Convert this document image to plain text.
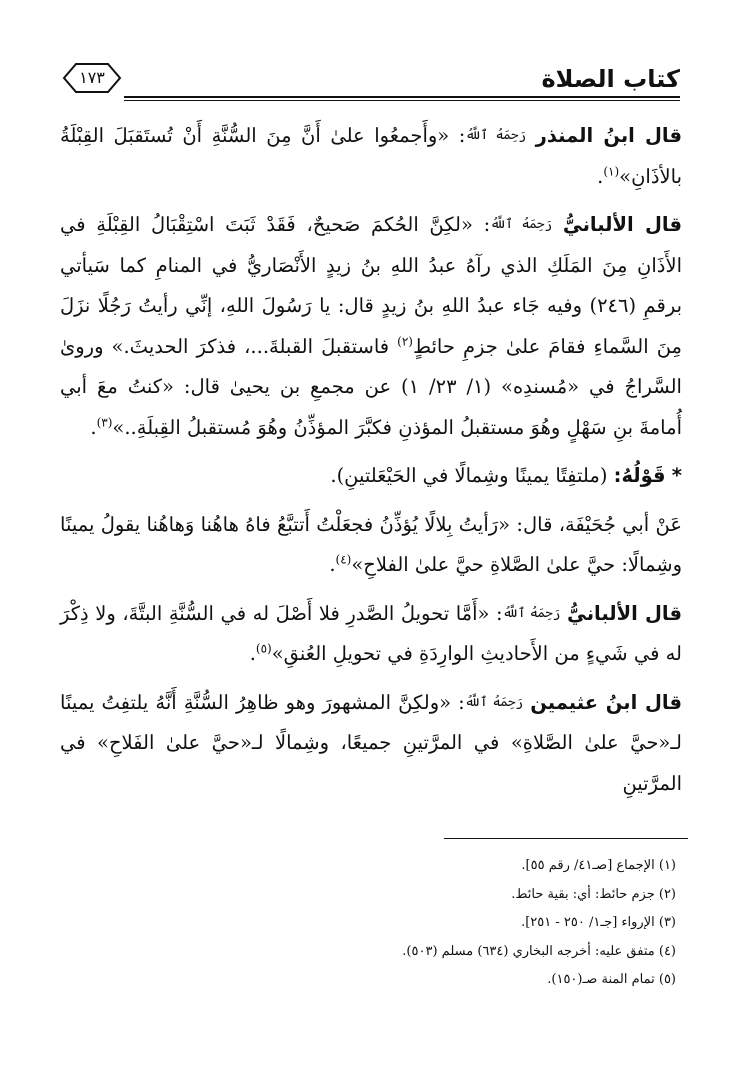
كتاب الصلاة
١٧٣

قال ابنُ المنذر رَحِمَهُ ٱللَّهُ: «وأَجمعُوا علىٰ أَنَّ مِنَ السُّنَّةِ أَنْ تُستَقبَلَ القِبْلَةُ بالأذَانِ»$^{(١)}$.

قال الألبانيُّ رَحِمَهُ ٱللَّهُ: «لكِنَّ الحُكمَ صَحيحٌ، فَقَدْ ثَبَتَ اسْتِقْبَالُ القِبْلَةِ في الأَذَانِ مِنَ المَلَكِ الذي رآهُ عبدُ اللهِ بنُ زيدٍ الأَنْصَاريُّ في المنامِ كما سَيأتي برقمِ (٢٤٦) وفيه جَاء عبدُ اللهِ بنُ زيدٍ قال: يا رَسُولَ اللهِ، إنِّي رأيتُ رَجُلًا نزَلَ مِنَ السَّماءِ فقامَ علىٰ جزمِ حائطٍ$^{(٢)}$ فاستقبلَ القبلةَ...، فذكرَ الحديثَ.» وروىٰ السَّراجُ في «مُسندِه» (١/ ٢٣/ ١) عن مجمعِ بن يحيىٰ قال: «كنتُ معَ أبي أُمامةَ بنِ سَهْلٍ وهُوَ مستقبلُ المؤذنِ فكبَّرَ المؤذِّنُ وهُوَ مُستقبلُ القِبلَةِ..»$^{(٣)}$.

* قَوْلُهُ: (ملتفِتًا يمينًا وشِمالًا في الحَيْعَلتينِ).

عَنْ أبي جُحَيْفَة، قال: «رَأيتُ بِلالًا يُؤذِّنُ فجعَلْتُ أَتتبَّعُ فاهُ هاهُنا وَهاهُنا يقولُ يمينًا وشِمالًا: حيَّ علىٰ الصَّلاةِ حيَّ علىٰ الفلاحِ»$^{(٤)}$.

قال الألبانيُّ رَحِمَهُ ٱللَّهُ: «أَمَّا تحويلُ الصَّدرِ فلا أَصْلَ له في السُّنَّةِ البتَّةَ، ولا ذِكْرَ له في شَيءٍ من الأَحاديثِ الوارِدَةِ في تحويلِ العُنقِ»$^{(٥)}$.

قال ابنُ عثيمين رَحِمَهُ ٱللَّهُ: «ولكِنَّ المشهورَ وهو ظاهِرُ السُّنَّةِ أَنَّهُ يلتفِتُ يمينًا لـ«حيَّ علىٰ الصَّلاةِ» في المرَّتينِ جميعًا، وشِمالًا لـ«حيَّ علىٰ الفَلاحِ» في المرَّتينِ

(١) الإجماع [صـ٤١/ رقم ٥٥].

(٢) جزم حائط: أي: بقية حائط.

(٣) الإرواء [جـ١/ ٢٥٠ - ٢٥١].

(٤) متفق عليه: أخرجه البخاري (٦٣٤) مسلم (٥٠٣).

(٥) تمام المنة صـ(١٥٠).
